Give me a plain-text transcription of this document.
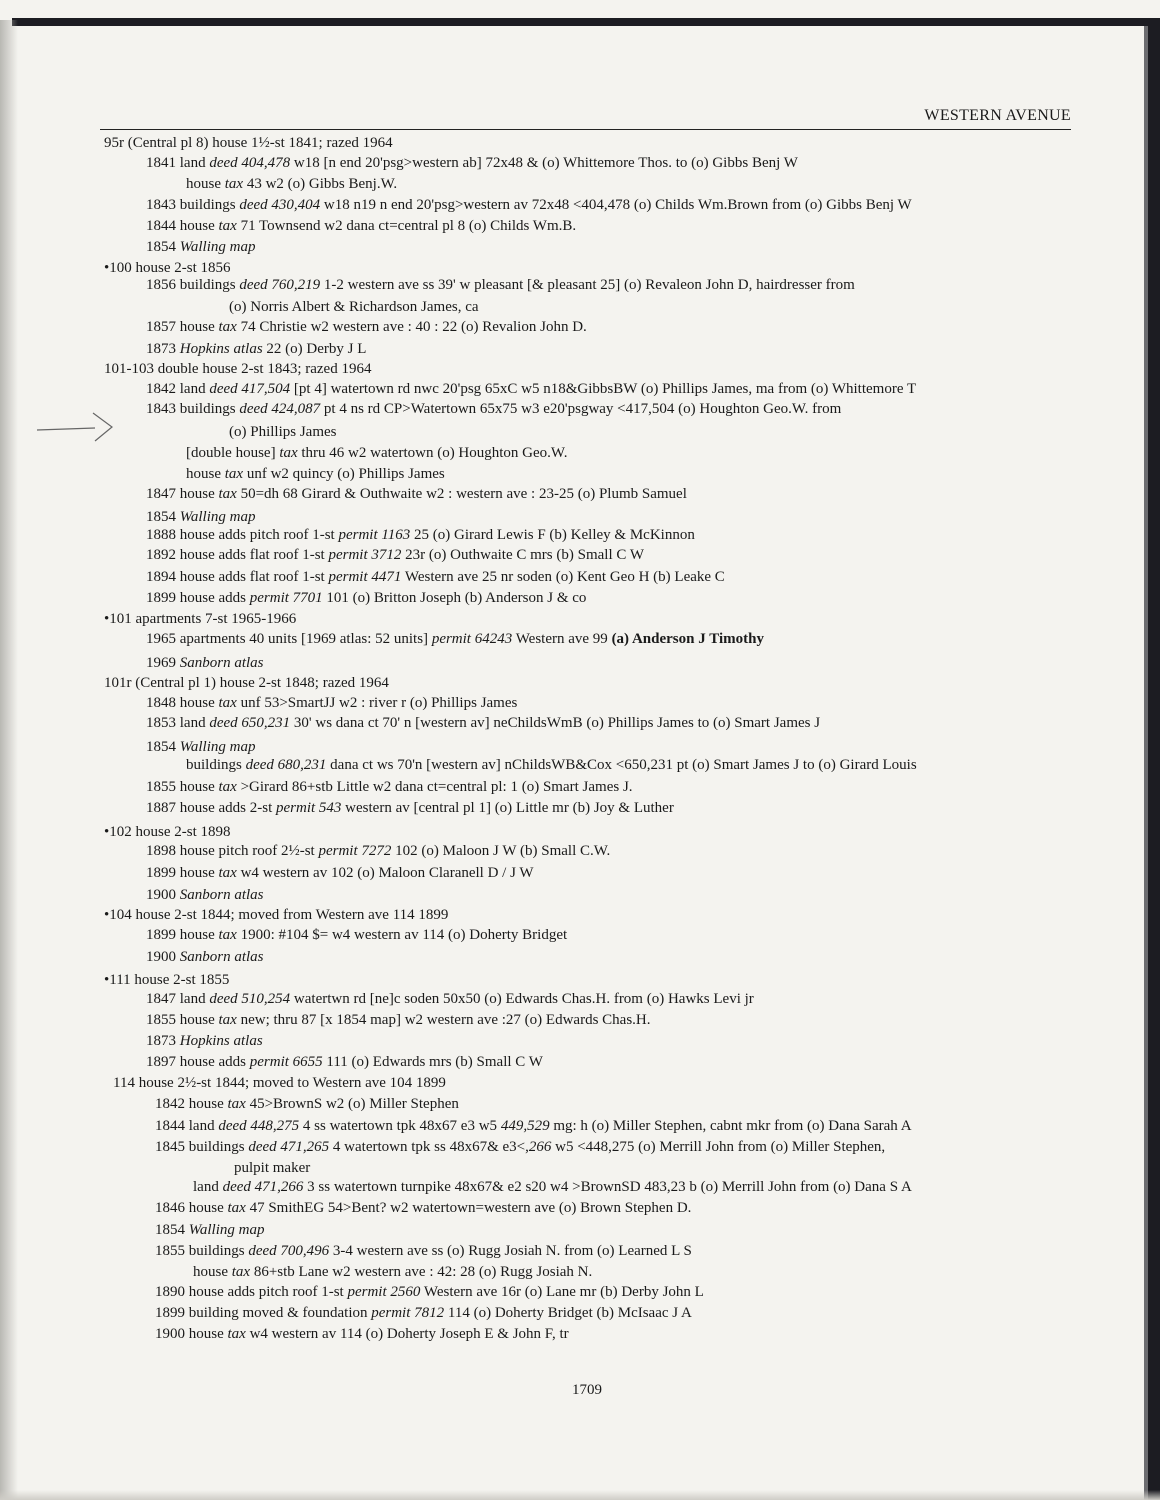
WESTERN AVENUE
95r (Central pl 8) house 1½-st 1841; razed 1964
1841 land deed 404,478 w18 [n end 20'psg>western ab] 72x48 & (o) Whittemore Thos. to (o) Gibbs Benj W
house tax 43 w2 (o) Gibbs Benj.W.
1843 buildings deed 430,404 w18 n19 n end 20'psg>western av 72x48 <404,478 (o) Childs Wm.Brown from (o) Gibbs Benj W
1844 house tax 71 Townsend w2 dana ct=central pl 8 (o) Childs Wm.B.
1854 Walling map
•100 house 2-st 1856
1856 buildings deed 760,219 1-2 western ave ss 39' w pleasant [& pleasant 25] (o) Revaleon John D, hairdresser from
(o) Norris Albert & Richardson James, ca
1857 house tax 74 Christie w2 western ave : 40 : 22 (o) Revalion John D.
1873 Hopkins atlas 22 (o) Derby J L
101-103 double house 2-st 1843; razed 1964
1842 land deed 417,504 [pt 4] watertown rd nwc 20'psg 65xC w5 n18&GibbsBW (o) Phillips James, ma from (o) Whittemore T
1843 buildings deed 424,087 pt 4 ns rd CP>Watertown 65x75 w3 e20'psgway <417,504 (o) Houghton Geo.W. from
(o) Phillips James
[double house] tax thru 46 w2 watertown (o) Houghton Geo.W.
house tax unf w2 quincy (o) Phillips James
1847 house tax 50=dh 68 Girard & Outhwaite w2 : western ave : 23-25 (o) Plumb Samuel
1854 Walling map
1888 house adds pitch roof 1-st permit 1163 25 (o) Girard Lewis F (b) Kelley & McKinnon
1892 house adds flat roof 1-st permit 3712 23r (o) Outhwaite C mrs (b) Small C W
1894 house adds flat roof 1-st permit 4471 Western ave 25 nr soden (o) Kent Geo H (b) Leake C
1899 house adds permit 7701 101 (o) Britton Joseph (b) Anderson J & co
•101 apartments 7-st 1965-1966
1965 apartments 40 units [1969 atlas: 52 units] permit 64243 Western ave 99 (a) Anderson J Timothy
1969 Sanborn atlas
101r (Central pl 1) house 2-st 1848; razed 1964
1848 house tax unf 53>SmartJJ w2 : river r (o) Phillips James
1853 land deed 650,231 30' ws dana ct 70' n [western av] neChildsWmB (o) Phillips James to (o) Smart James J
1854 Walling map
buildings deed 680,231 dana ct ws 70'n [western av] nChildsWB&Cox <650,231 pt (o) Smart James J to (o) Girard Louis
1855 house tax >Girard 86+stb Little w2 dana ct=central pl: 1 (o) Smart James J.
1887 house adds 2-st permit 543 western av [central pl 1] (o) Little mr (b) Joy & Luther
•102 house 2-st 1898
1898 house pitch roof 2½-st permit 7272 102 (o) Maloon J W (b) Small C.W.
1899 house tax w4 western av 102 (o) Maloon Claranell D / J W
1900 Sanborn atlas
•104 house 2-st 1844; moved from Western ave 114 1899
1899 house tax 1900: #104 $= w4 western av 114 (o) Doherty Bridget
1900 Sanborn atlas
•111 house 2-st 1855
1847 land deed 510,254 watertwn rd [ne]c soden 50x50 (o) Edwards Chas.H. from (o) Hawks Levi jr
1855 house tax new; thru 87 [x 1854 map] w2 western ave :27 (o) Edwards Chas.H.
1873 Hopkins atlas
1897 house adds permit 6655 111 (o) Edwards mrs (b) Small C W
114 house 2½-st 1844; moved to Western ave 104 1899
1842 house tax 45>BrownS w2 (o) Miller Stephen
1844 land deed 448,275 4 ss watertown tpk 48x67 e3 w5 449,529 mg: h (o) Miller Stephen, cabnt mkr from (o) Dana Sarah A
1845 buildings deed 471,265 4 watertown tpk ss 48x67& e3<,266 w5 <448,275 (o) Merrill John from (o) Miller Stephen,
pulpit maker
land deed 471,266 3 ss watertown turnpike 48x67& e2 s20 w4 >BrownSD 483,23 b (o) Merrill John from (o) Dana S A
1846 house tax 47 SmithEG 54>Bent? w2 watertown=western ave (o) Brown Stephen D.
1854 Walling map
1855 buildings deed 700,496 3-4 western ave ss (o) Rugg Josiah N. from (o) Learned L S
house tax 86+stb Lane w2 western ave : 42: 28 (o) Rugg Josiah N.
1890 house adds pitch roof 1-st permit 2560 Western ave 16r (o) Lane mr (b) Derby John L
1899 building moved & foundation permit 7812 114 (o) Doherty Bridget (b) McIsaac J A
1900 house tax w4 western av 114 (o) Doherty Joseph E & John F, tr
1709
